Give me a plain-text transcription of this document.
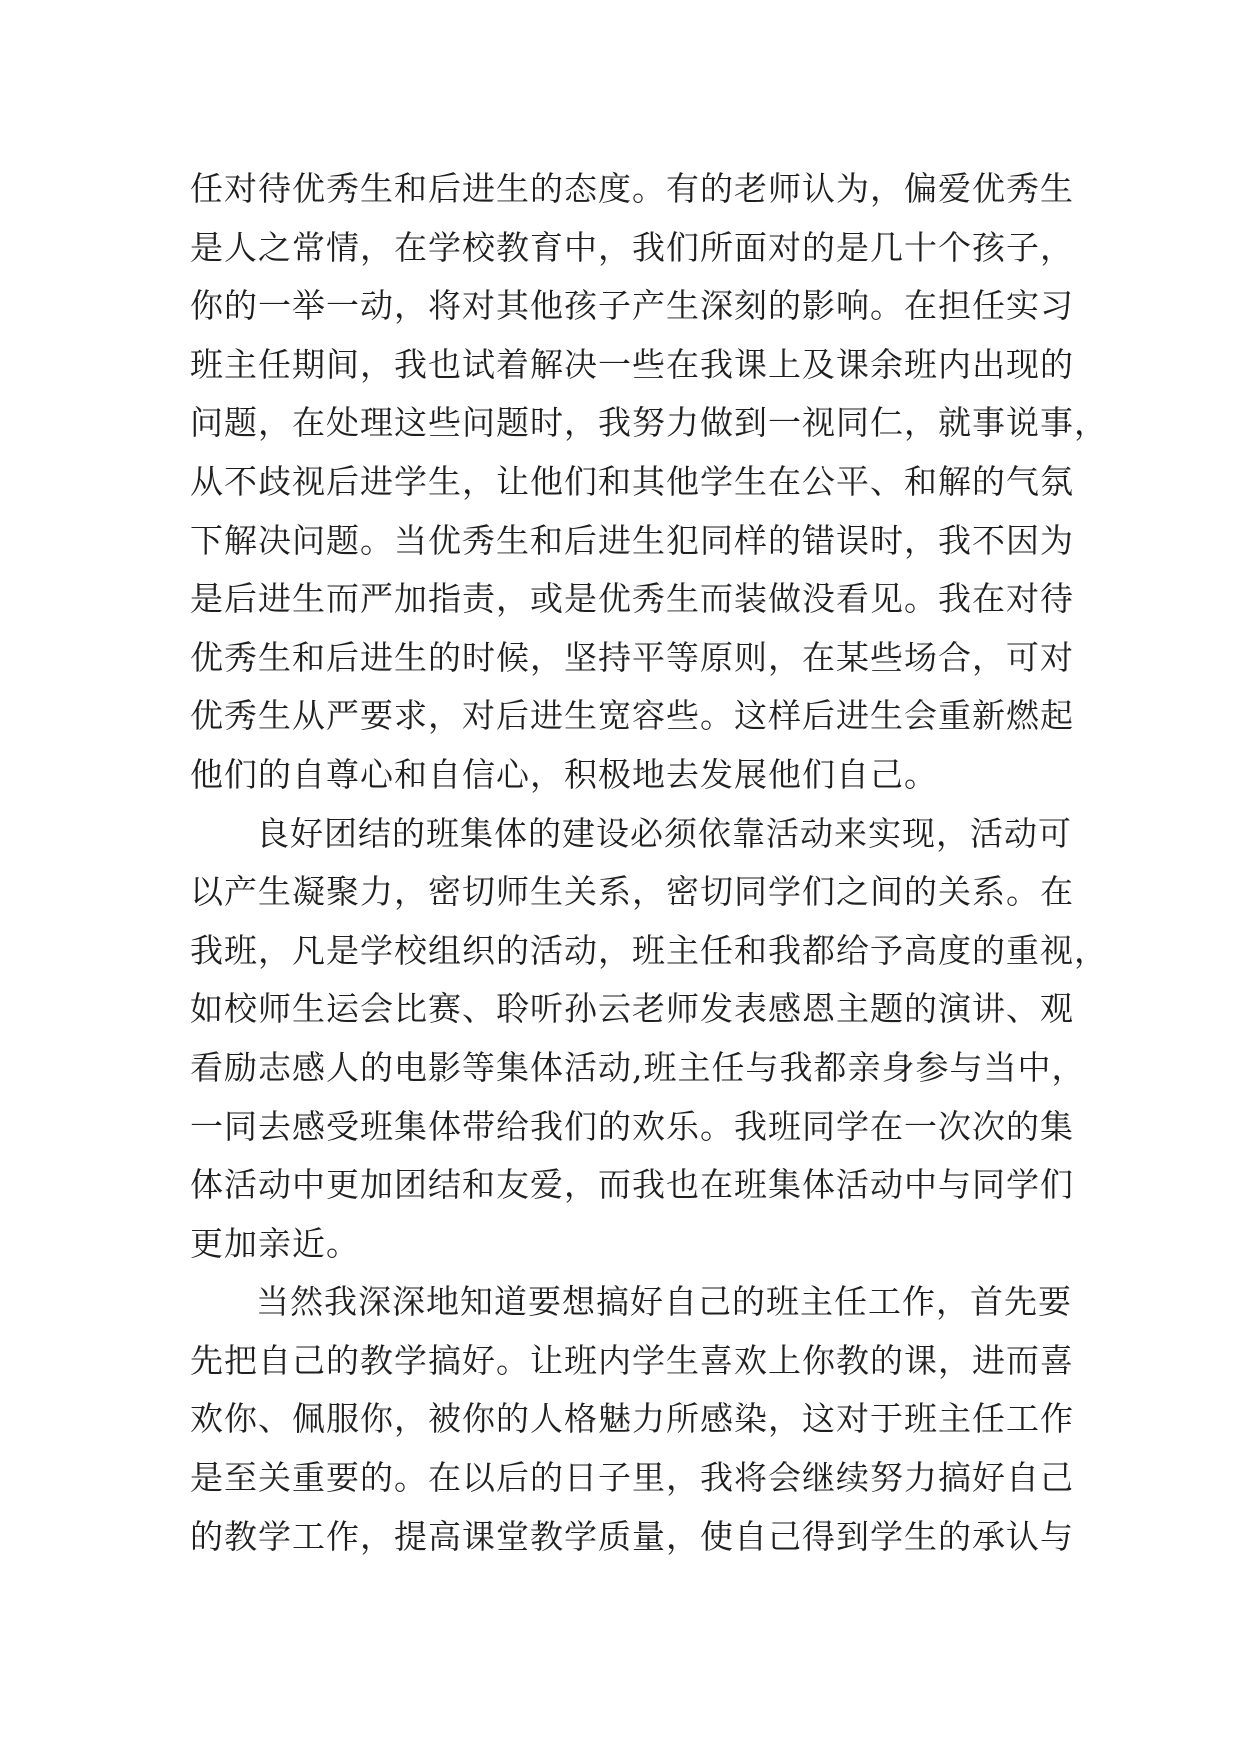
任对待优秀生和后进生的态度。有的老师认为，偏爱优秀生
是人之常情，在学校教育中，我们所面对的是几十个孩子，
你的一举一动，将对其他孩子产生深刻的影响。在担任实习
班主任期间，我也试着解决一些在我课上及课余班内出现的
问题，在处理这些问题时，我努力做到一视同仁，就事说事，
从不歧视后进学生，让他们和其他学生在公平、和解的气氛
下解决问题。当优秀生和后进生犯同样的错误时，我不因为
是后进生而严加指责，或是优秀生而装做没看见。我在对待
优秀生和后进生的时候，坚持平等原则，在某些场合，可对
优秀生从严要求，对后进生宽容些。这样后进生会重新燃起
他们的自尊心和自信心，积极地去发展他们自己。
良好团结的班集体的建设必须依靠活动来实现，活动可
以产生凝聚力，密切师生关系，密切同学们之间的关系。在
我班，凡是学校组织的活动，班主任和我都给予高度的重视，
如校师生运会比赛、聆听孙云老师发表感恩主题的演讲、观
看励志感人的电影等集体活动,班主任与我都亲身参与当中，
一同去感受班集体带给我们的欢乐。我班同学在一次次的集
体活动中更加团结和友爱，而我也在班集体活动中与同学们
更加亲近。
当然我深深地知道要想搞好自己的班主任工作，首先要
先把自己的教学搞好。让班内学生喜欢上你教的课，进而喜
欢你、佩服你，被你的人格魅力所感染，这对于班主任工作
是至关重要的。在以后的日子里，我将会继续努力搞好自己
的教学工作，提高课堂教学质量，使自己得到学生的承认与
